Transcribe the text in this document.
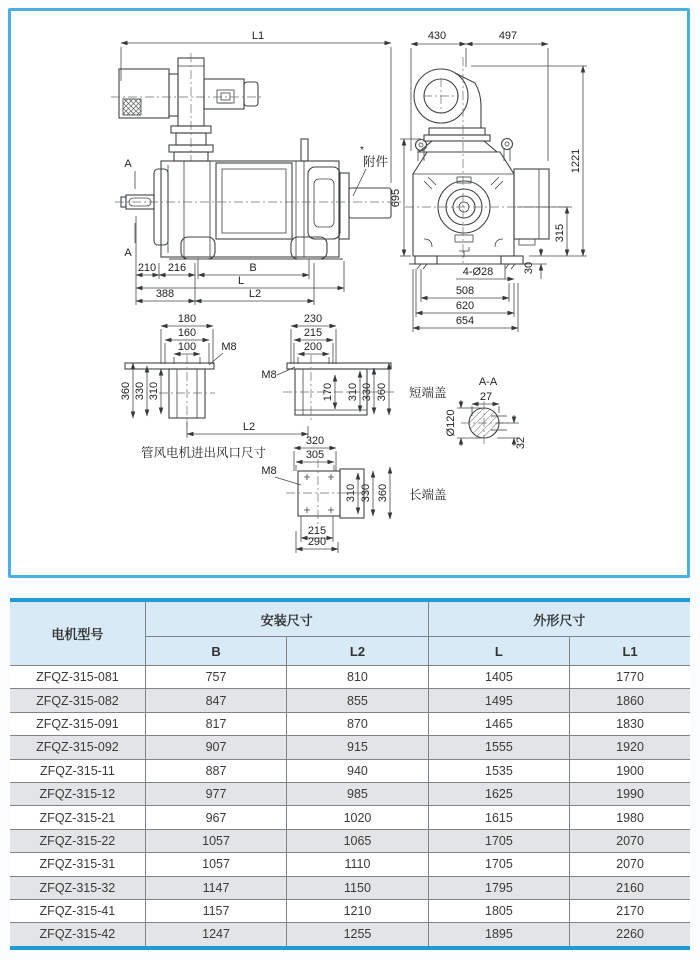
L1
A
A
*
附件
210 216	B
L
388	L2
430	497
695
1221
315
30
4-Ø28
508
620
654
180
160
100 M8
360 330 310
L2
管风电机进出风口尺寸
230
215
200
M8
170 310 330 360 短端盖
A-A
27
Ø120
32
320
305
M8
310 330 360
215
290
长端盖
电机型号	安装尺寸		外形尺寸	
	B	L2	L	L1
ZFQZ-315-081	757	810	1405	1770
ZFQZ-315-082	847	855	1495	1860
ZFQZ-315-091	817	870	1465	1830
ZFQZ-315-092	907	915	1555	1920
ZFQZ-315-11	887	940	1535	1900
ZFQZ-315-12	977	985	1625	1990
ZFQZ-315-21	967	1020	1615	1980
ZFQZ-315-22	1057	1065	1705	2070
ZFQZ-315-31	1057	1110	1705	2070
ZFQZ-315-32	1147	1150	1795	2160
ZFQZ-315-41	1157	1210	1805	2170
ZFQZ-315-42	1247	1255	1895	2260
